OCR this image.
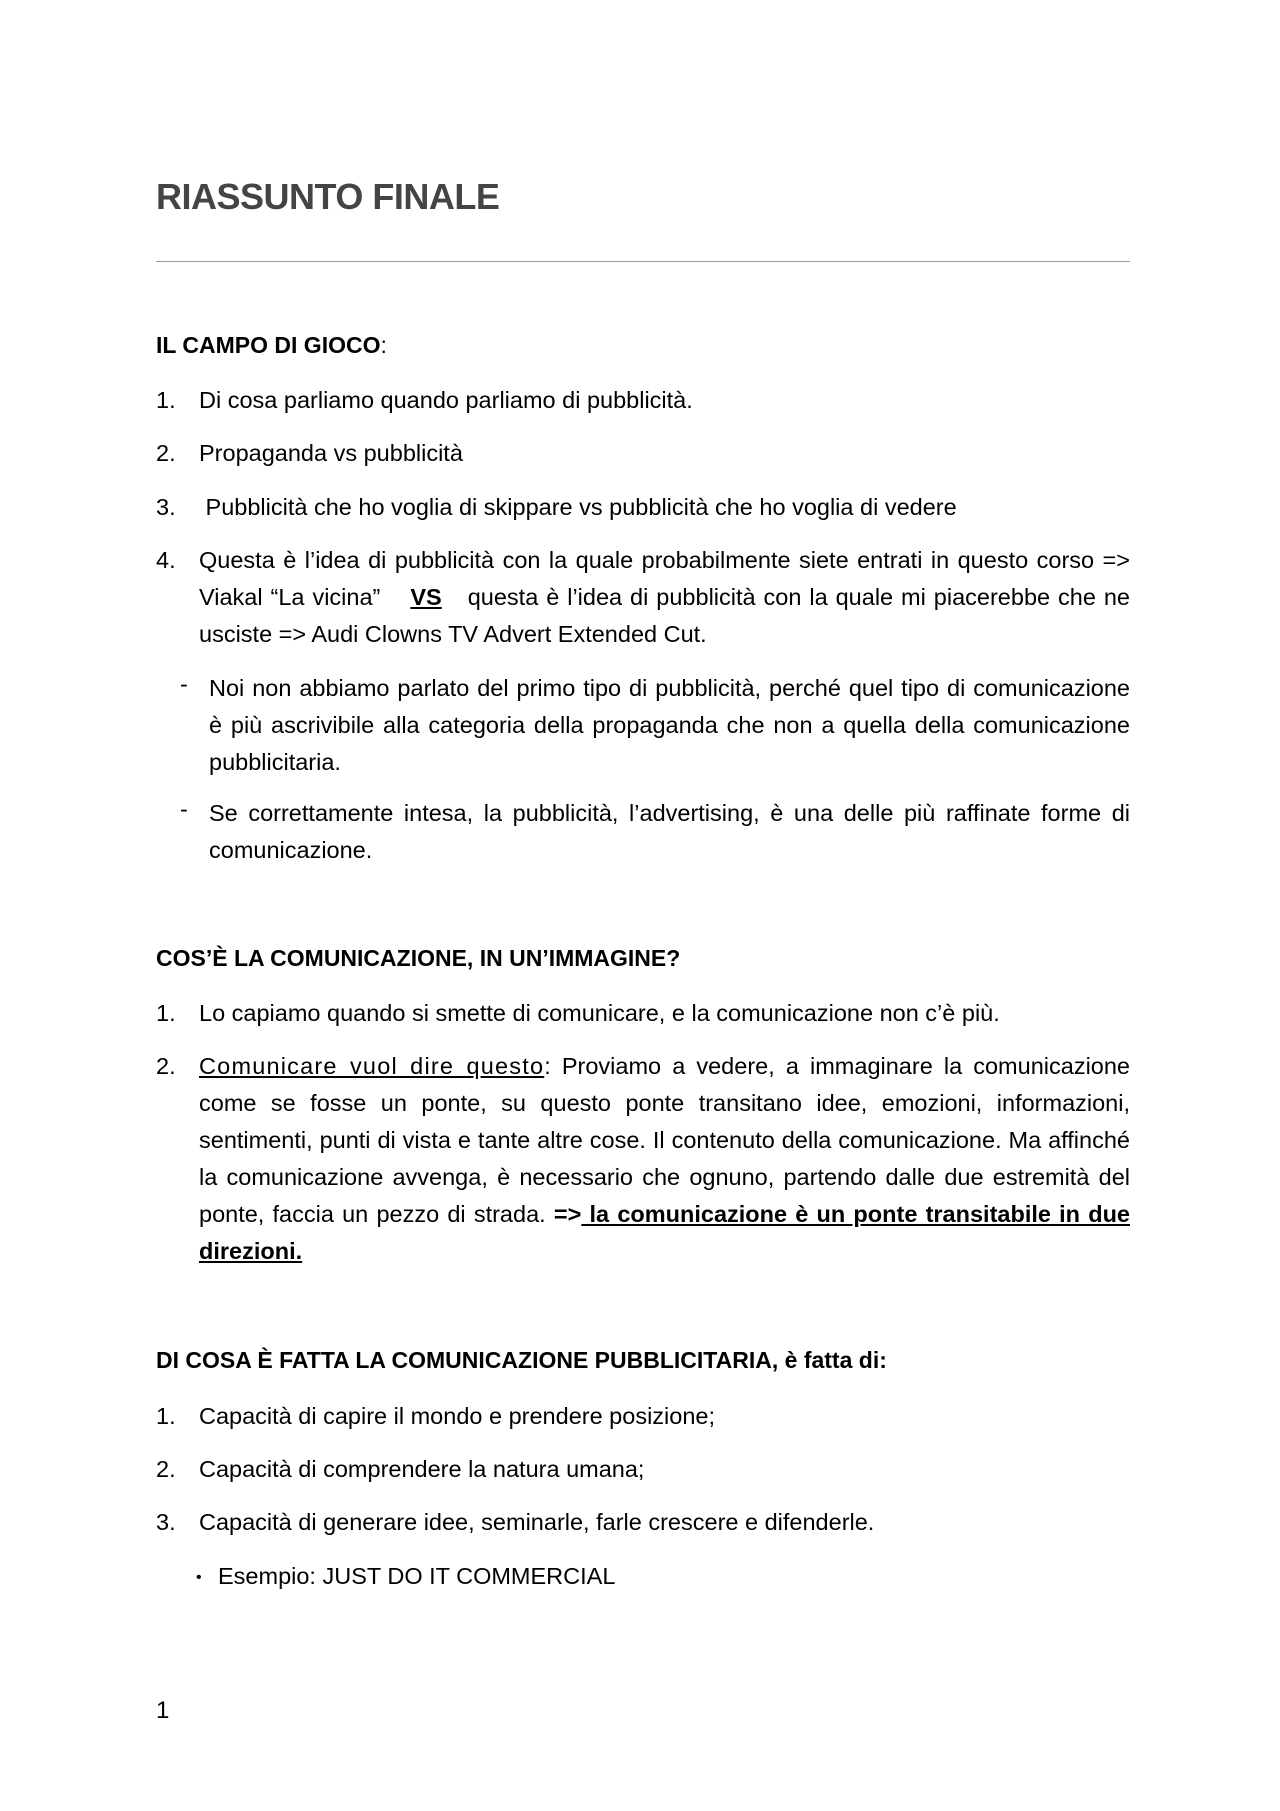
RIASSUNTO FINALE
IL CAMPO DI GIOCO:
1. Di cosa parliamo quando parliamo di pubblicità.
2. Propaganda vs pubblicità
3. Pubblicità che ho voglia di skippare vs pubblicità che ho voglia di vedere
4. Questa è l’idea di pubblicità con la quale probabilmente siete entrati in questo corso => Viakal “La vicina” VS questa è l’idea di pubblicità con la quale mi piacerebbe che ne usciste => Audi Clowns TV Advert Extended Cut.
- Noi non abbiamo parlato del primo tipo di pubblicità, perché quel tipo di comunicazione è più ascrivibile alla categoria della propaganda che non a quella della comunicazione pubblicitaria.
- Se correttamente intesa, la pubblicità, l’advertising, è una delle più raffinate forme di comunicazione.
COS’È LA COMUNICAZIONE, IN UN’IMMAGINE?
1. Lo capiamo quando si smette di comunicare, e la comunicazione non c’è più.
2. Comunicare vuol dire questo: Proviamo a vedere, a immaginare la comunicazione come se fosse un ponte, su questo ponte transitano idee, emozioni, informazioni, sentimenti, punti di vista e tante altre cose. Il contenuto della comunicazione. Ma affinché la comunicazione avvenga, è necessario che ognuno, partendo dalle due estremità del ponte, faccia un pezzo di strada. => la comunicazione è un ponte transitabile in due direzioni.
DI COSA È FATTA LA COMUNICAZIONE PUBBLICITARIA, è fatta di:
1. Capacità di capire il mondo e prendere posizione;
2. Capacità di comprendere la natura umana;
3. Capacità di generare idee, seminarle, farle crescere e difenderle.
• Esempio: JUST DO IT COMMERCIAL
1
